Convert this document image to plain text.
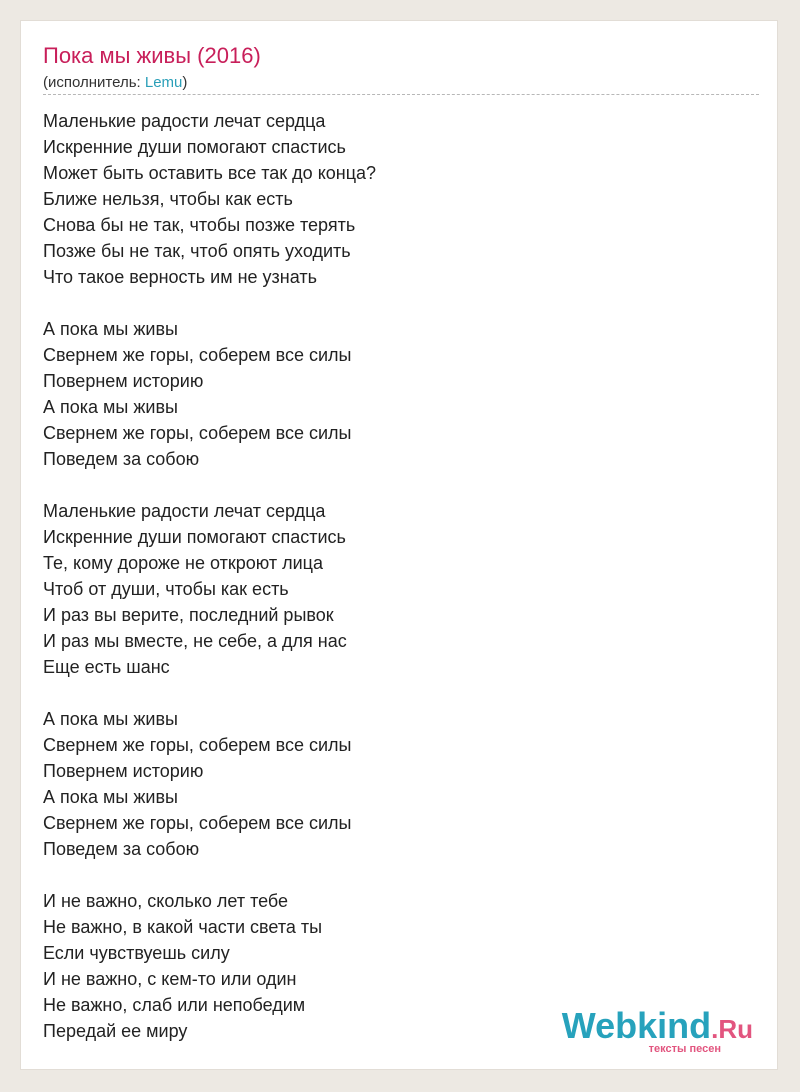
Пока мы живы (2016)
(исполнитель: Lemu)
Маленькие радости лечат сердца
Искренние души помогают спастись
Может быть оставить все так до конца?
Ближе нельзя, чтобы как есть
Снова бы не так, чтобы позже терять
Позже бы не так, чтоб опять уходить
Что такое верность им не узнать
А пока мы живы
Свернем же горы, соберем все силы
Повернем историю
А пока мы живы
Свернем же горы, соберем все силы
Поведем за собою
Маленькие радости лечат сердца
Искренние души помогают спастись
Те, кому дороже не откроют лица
Чтоб от души, чтобы как есть
И раз вы верите, последний рывок
И раз мы вместе, не себе, а для нас
Еще есть шанс
А пока мы живы
Свернем же горы, соберем все силы
Повернем историю
А пока мы живы
Свернем же горы, соберем все силы
Поведем за собою
И не важно, сколько лет тебе
Не важно, в какой части света ты
Если чувствуешь силу
И не важно, с кем-то или один
Не важно, слаб или непобедим
Передай ее миру	Webkind.Ru
тексты песен
